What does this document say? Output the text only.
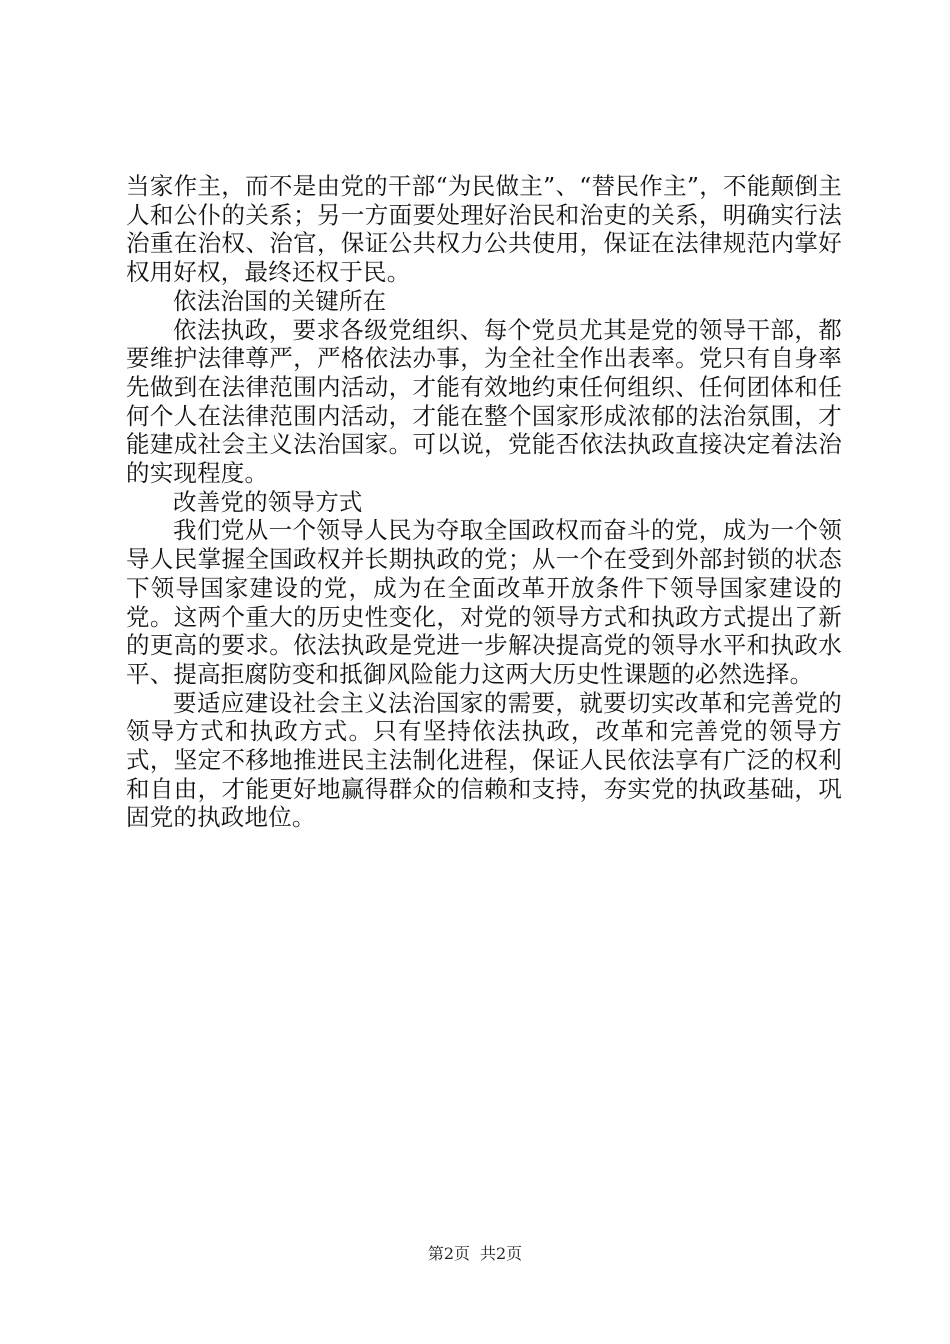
当家作主，而不是由党的干部“为民做主”、“替民作主”，不能颠倒主人和公仆的关系；另一方面要处理好治民和治吏的关系，明确实行法治重在治权、治官，保证公共权力公共使用，保证在法律规范内掌好权用好权，最终还权于民。

依法治国的关键所在

依法执政，要求各级党组织、每个党员尤其是党的领导干部，都要维护法律尊严，严格依法办事，为全社全作出表率。党只有自身率先做到在法律范围内活动，才能有效地约束任何组织、任何团体和任何个人在法律范围内活动，才能在整个国家形成浓郁的法治氛围，才能建成社会主义法治国家。可以说，党能否依法执政直接决定着法治的实现程度。

改善党的领导方式

我们党从一个领导人民为夺取全国政权而奋斗的党，成为一个领导人民掌握全国政权并长期执政的党；从一个在受到外部封锁的状态下领导国家建设的党，成为在全面改革开放条件下领导国家建设的党。这两个重大的历史性变化，对党的领导方式和执政方式提出了新的更高的要求。依法执政是党进一步解决提高党的领导水平和执政水平、提高拒腐防变和抵御风险能力这两大历史性课题的必然选择。

要适应建设社会主义法治国家的需要，就要切实改革和完善党的领导方式和执政方式。只有坚持依法执政，改革和完善党的领导方式，坚定不移地推进民主法制化进程，保证人民依法享有广泛的权利和自由，才能更好地赢得群众的信赖和支持，夯实党的执政基础，巩固党的执政地位。

第2页 共2页
